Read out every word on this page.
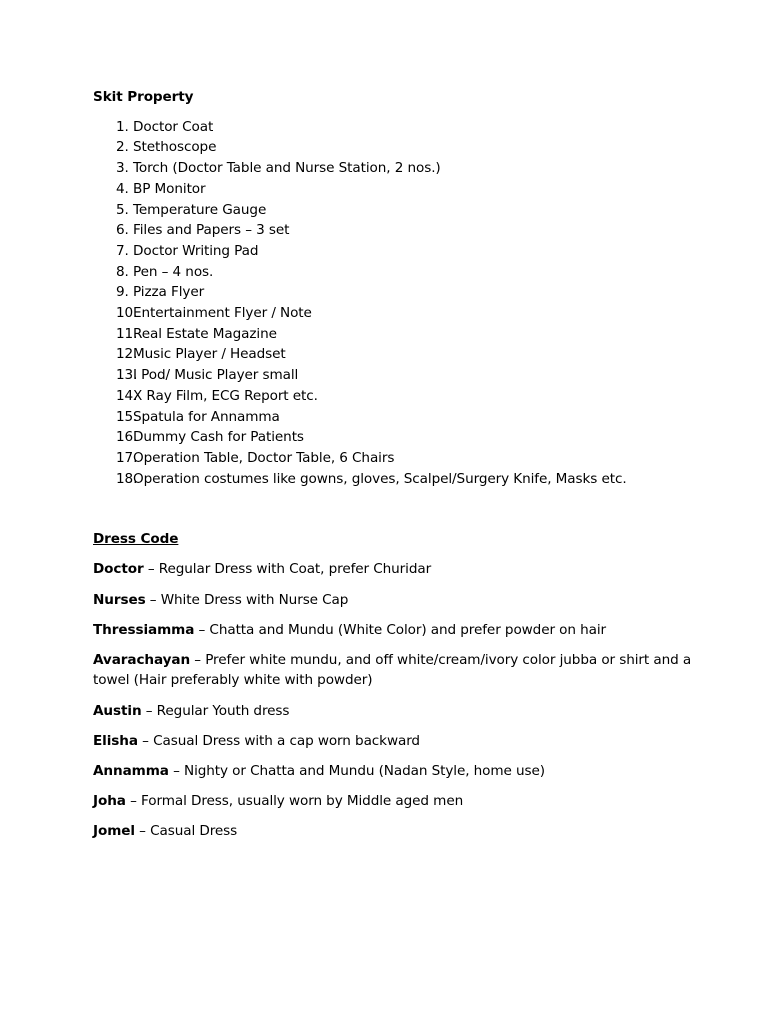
Skit Property

1. Doctor Coat
2. Stethoscope
3. Torch (Doctor Table and Nurse Station, 2 nos.)
4. BP Monitor
5. Temperature Gauge
6. Files and Papers – 3 set
7. Doctor Writing Pad
8. Pen – 4 nos.
9. Pizza Flyer
10.
Entertainment Flyer / Note
11.
Real Estate Magazine
12.
Music Player / Headset
13.
I Pod/ Music Player small
14.
X Ray Film, ECG Report etc.
15.
Spatula for Annamma
16.
Dummy Cash for Patients
17.
Operation Table, Doctor Table, 6 Chairs
18.
Operation costumes like gowns, gloves, Scalpel/Surgery Knife, Masks etc.

Dress Code

Doctor – Regular Dress with Coat, prefer Churidar

Nurses – White Dress with Nurse Cap

Thressiamma – Chatta and Mundu (White Color) and prefer powder on hair

Avarachayan – Prefer white mundu, and off white/cream/ivory color jubba or shirt and a towel (Hair preferably white with powder)

Austin – Regular Youth dress

Elisha – Casual Dress with a cap worn backward

Annamma – Nighty or Chatta and Mundu (Nadan Style, home use)

Joha – Formal Dress, usually worn by Middle aged men

Jomel – Casual Dress
